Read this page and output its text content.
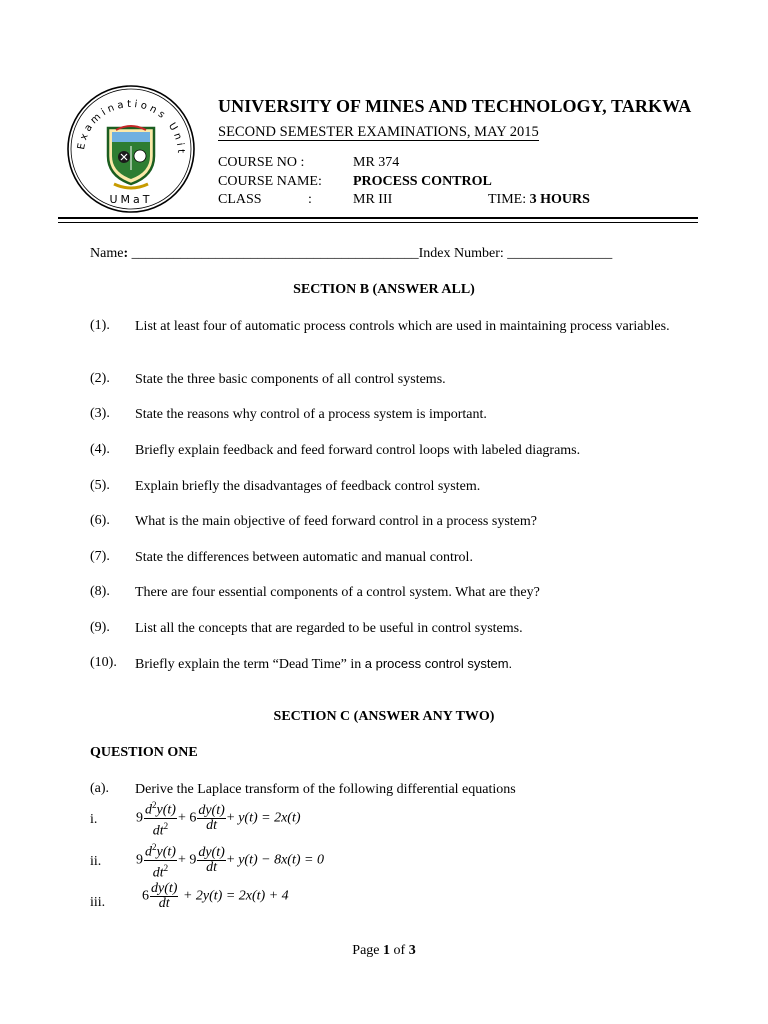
Examinations Unit
UMaT
UNIVERSITY OF MINES AND TECHNOLOGY, TARKWA
SECOND SEMESTER EXAMINATIONS, MAY 2015
COURSE NO :	MR 374
COURSE NAME: PROCESS CONTROL
CLASS	:	MR III	TIME: 3 HOURS
Name: _________________________________________Index Number: _______________
SECTION B (ANSWER ALL)
(1).	List at least four of automatic process controls which are used in maintaining process variables.
(2).	State the three basic components of all control systems.
(3).	State the reasons why control of a process system is important.
(4).	Briefly explain feedback and feed forward control loops with labeled diagrams.
(5).	Explain briefly the disadvantages of feedback control system.
(6).	What is the main objective of feed forward control in a process system?
(7).	State the differences between automatic and manual control.
(8).	There are four essential components of a control system. What are they?
(9).	List all the concepts that are regarded to be useful in control systems.
(10).	Briefly explain the term “Dead Time” in a process control system.
SECTION C (ANSWER ANY TWO)
QUESTION ONE
(a).	Derive the Laplace transform of the following differential equations
i.	$9 \frac{d^2y(t)}{dt^2} + 6 \frac{dy(t)}{dt} + y(t) = 2x(t)$
ii. $9 \frac{d^2y(t)}{dt^2} + 9 \frac{dy(t)}{dt} + y(t) - 8x(t) = 0$
iii.	$6 \frac{dy(t)}{dt} + 2y(t) = 2x(t) + 4$
Page 1 of 3
